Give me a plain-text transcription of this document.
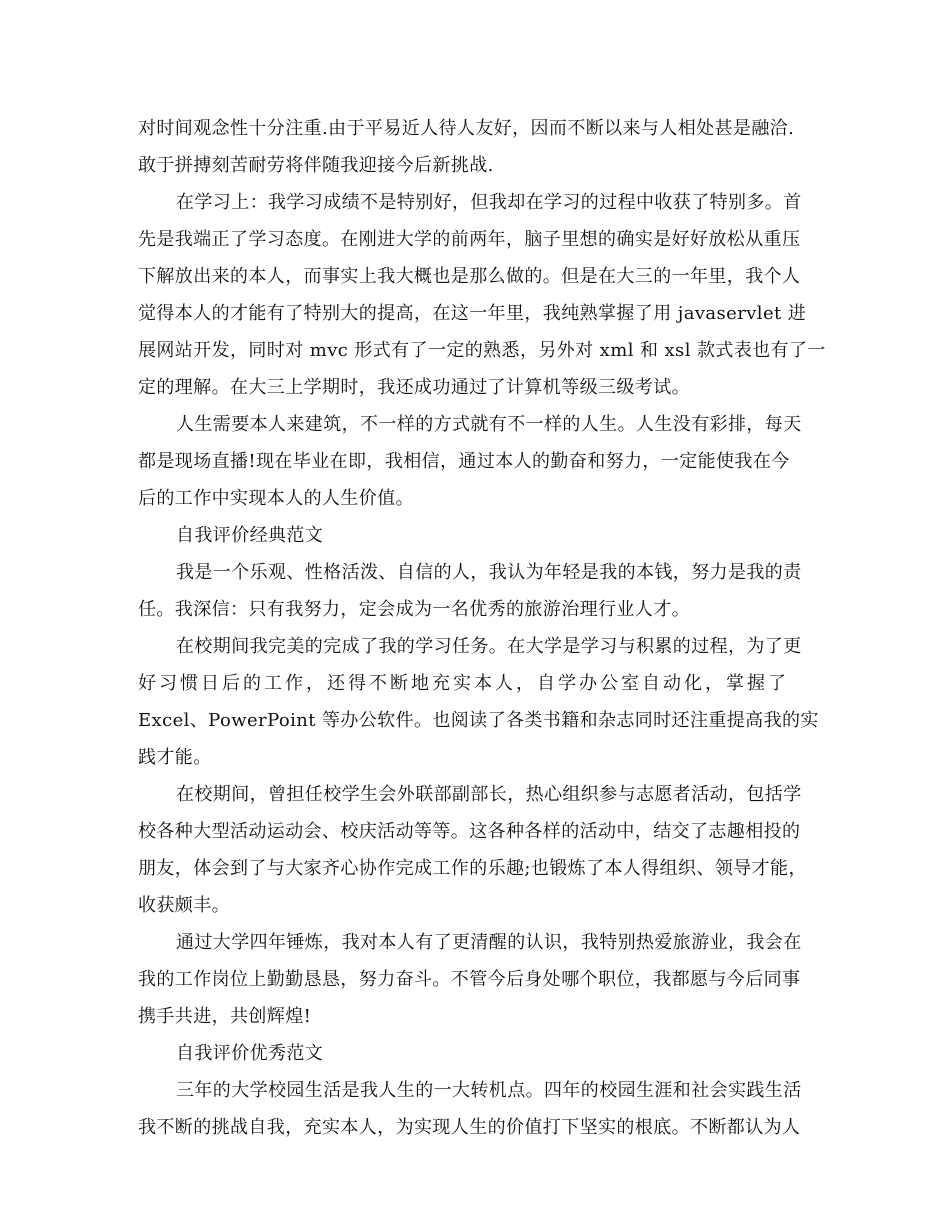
对时间观念性十分注重.由于平易近人待人友好，因而不断以来与人相处甚是融洽.
敢于拼搏刻苦耐劳将伴随我迎接今后新挑战.
在学习上：我学习成绩不是特别好，但我却在学习的过程中收获了特别多。首
先是我端正了学习态度。在刚进大学的前两年，脑子里想的确实是好好放松从重压
下解放出来的本人，而事实上我大概也是那么做的。但是在大三的一年里，我个人
觉得本人的才能有了特别大的提高，在这一年里，我纯熟掌握了用 javaservlet 进
展网站开发，同时对 mvc 形式有了一定的熟悉，另外对 xml 和 xsl 款式表也有了一
定的理解。在大三上学期时，我还成功通过了计算机等级三级考试。
人生需要本人来建筑，不一样的方式就有不一样的人生。人生没有彩排，每天
都是现场直播!现在毕业在即，我相信，通过本人的勤奋和努力，一定能使我在今
后的工作中实现本人的人生价值。
自我评价经典范文
我是一个乐观、性格活泼、自信的人，我认为年轻是我的本钱，努力是我的责
任。我深信：只有我努力，定会成为一名优秀的旅游治理行业人才。
在校期间我完美的完成了我的学习任务。在大学是学习与积累的过程，为了更
好习惯日后的工作，还得不断地充实本人，自学办公室自动化，掌握了
Excel、PowerPoint 等办公软件。也阅读了各类书籍和杂志同时还注重提高我的实
践才能。
在校期间，曾担任校学生会外联部副部长，热心组织参与志愿者活动，包括学
校各种大型活动运动会、校庆活动等等。这各种各样的活动中，结交了志趣相投的
朋友，体会到了与大家齐心协作完成工作的乐趣;也锻炼了本人得组织、领导才能，
收获颇丰。
通过大学四年锤炼，我对本人有了更清醒的认识，我特别热爱旅游业，我会在
我的工作岗位上勤勤恳恳，努力奋斗。不管今后身处哪个职位，我都愿与今后同事
携手共进，共创辉煌!
自我评价优秀范文
三年的大学校园生活是我人生的一大转机点。四年的校园生涯和社会实践生活
我不断的挑战自我，充实本人，为实现人生的价值打下坚实的根底。不断都认为人
